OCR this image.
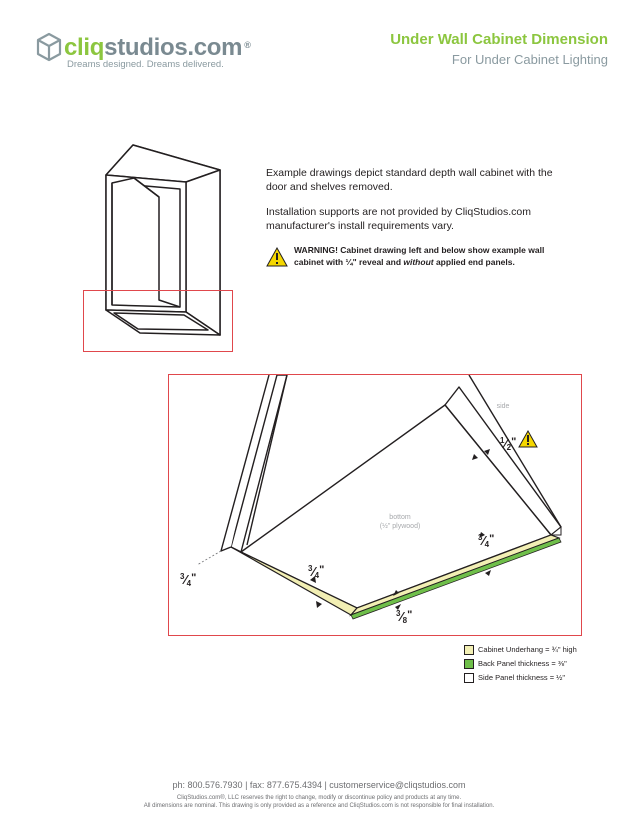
cliqstudios.com ®
Dreams designed. Dreams delivered.
Under Wall Cabinet Dimension
For Under Cabinet Lighting
Example drawings depict standard depth wall cabinet with the door and shelves removed.
Installation supports are not provided by CliqStudios.com manufacturer's install requirements vary.
WARNING! Cabinet drawing left and below show example wall cabinet with ¼" reveal and without applied end panels.
side
bottom
(½" plywood)
$^1$⁄2"
$^3$⁄4"
$^3$⁄4"
$^3$⁄4"
$^3$⁄8"
Cabinet Underhang = ¾" high
Back Panel thickness = ⅜"
Side Panel thickness = ½"
ph: 800.576.7930 | fax: 877.675.4394 | customerservice@cliqstudios.com
CliqStudios.com®, LLC reserves the right to change, modify or discontinue policy and products at any time.
All dimensions are nominal. This drawing is only provided as a reference and CliqStudios.com is not responsible for final installation.
